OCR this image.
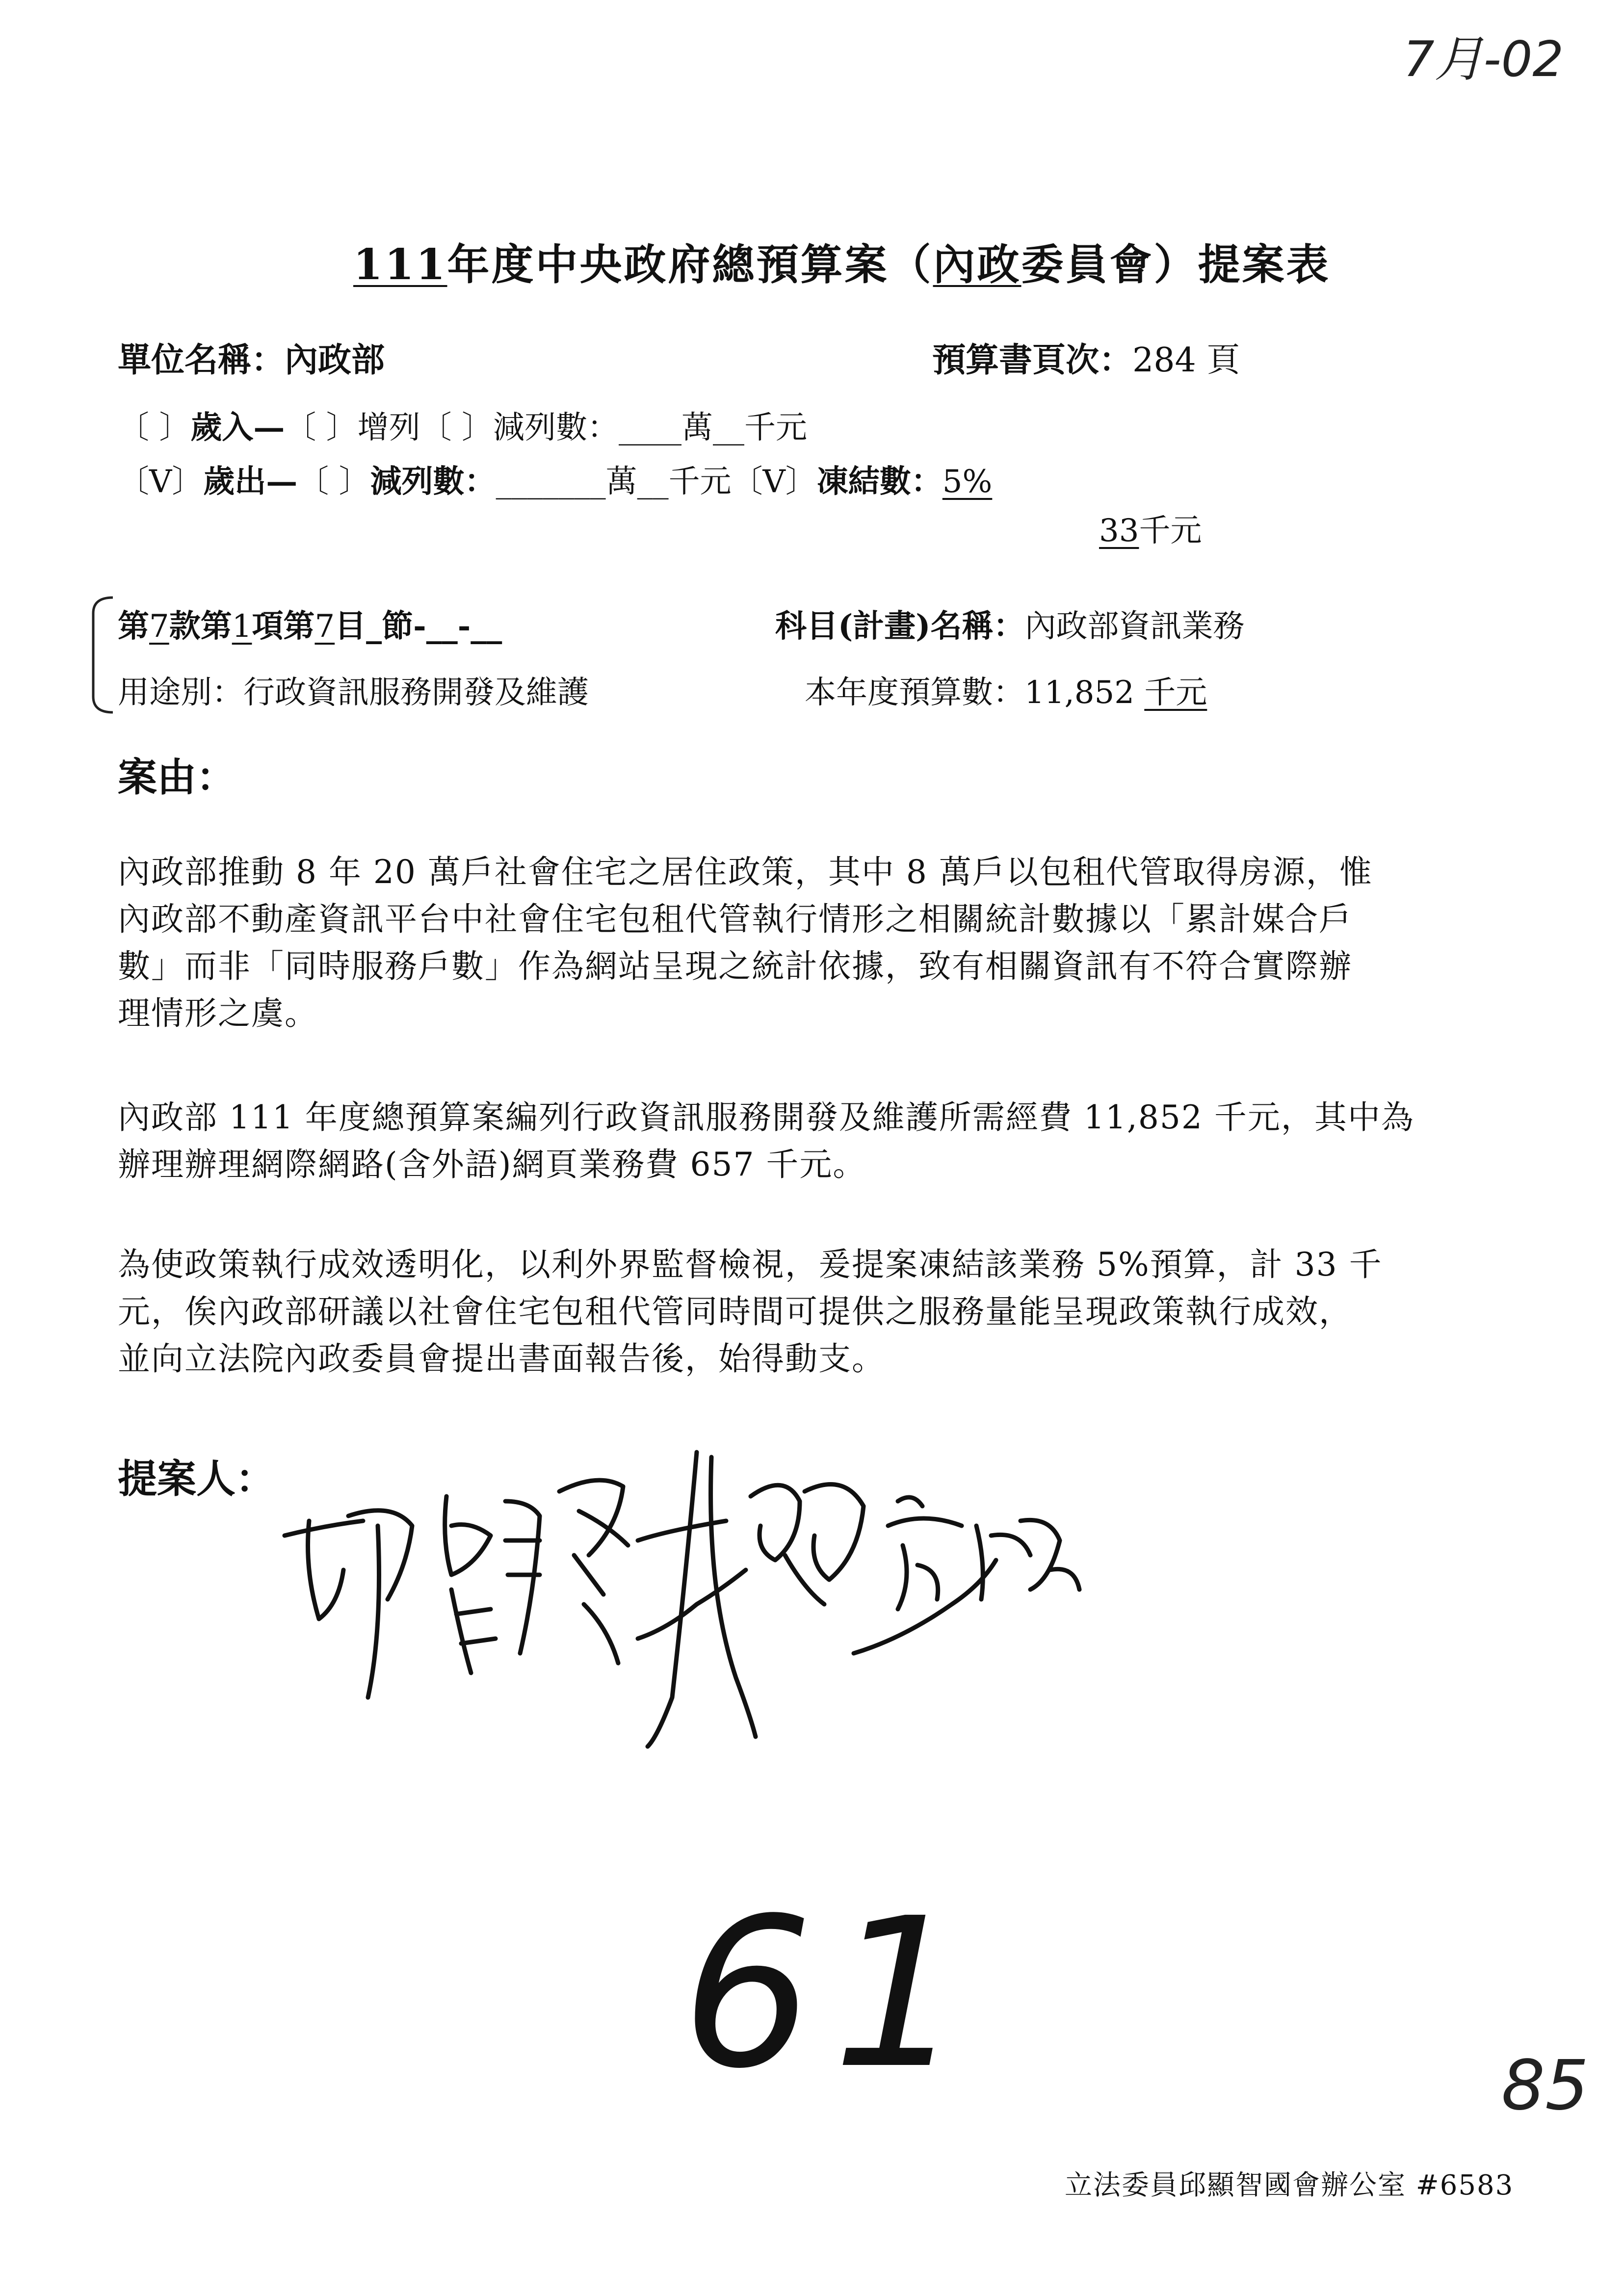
7月-02
111年度中央政府總預算案（內政委員會）提案表
單位名稱：內政部	預算書頁次：284 頁
〔 〕歲入—〔 〕增列〔 〕減列數：____萬__千元
〔V〕歲出—〔 〕減列數：_______萬__千元〔V〕凍結數：5%
33千元
第7款第1項第7目_節-__-__	科目(計畫)名稱：內政部資訊業務
用途別：行政資訊服務開發及維護	本年度預算數：11,852 千元
案由：
內政部推動 8 年 20 萬戶社會住宅之居住政策，其中 8 萬戶以包租代管取得房源，惟
內政部不動產資訊平台中社會住宅包租代管執行情形之相關統計數據以「累計媒合戶
數」而非「同時服務戶數」作為網站呈現之統計依據，致有相關資訊有不符合實際辦
理情形之虞。
內政部 111 年度總預算案編列行政資訊服務開發及維護所需經費 11,852 千元，其中為
辦理辦理網際網路(含外語)網頁業務費 657 千元。
為使政策執行成效透明化，以利外界監督檢視，爰提案凍結該業務 5%預算，計 33 千
元，俟內政部研議以社會住宅包租代管同時間可提供之服務量能呈現政策執行成效，
並向立法院內政委員會提出書面報告後，始得動支。
提案人：
61	85
立法委員邱顯智國會辦公室 #6583
